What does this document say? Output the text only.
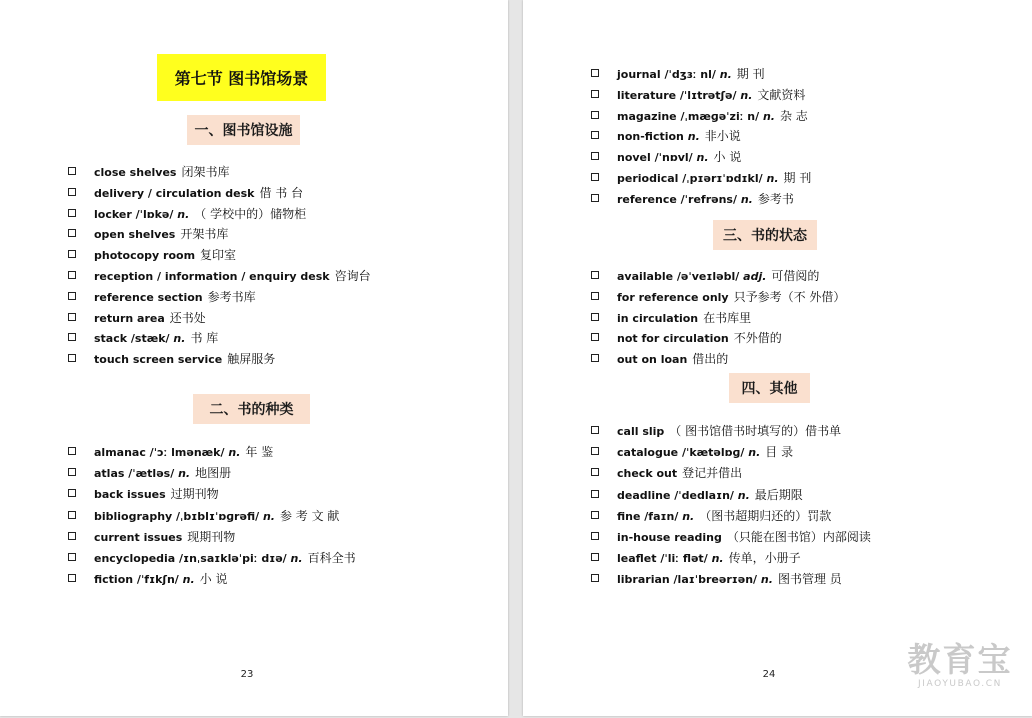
第七节 图书馆场景
一、图书馆设施
close shelves 闭架书库
delivery / circulation desk 借 书 台
locker /ˈlɒkə/ n. （ 学校中的）储物柜
open shelves 开架书库
photocopy room 复印室
reception / information / enquiry desk 咨询台
reference section 参考书库
return area 还书处
stack /stæk/ n. 书 库
touch screen service 触屏服务
二、书的种类
almanac /ˈɔː lmənæk/ n. 年 鉴
atlas /ˈætləs/ n. 地图册
back issues 过期刊物
bibliography /ˌbɪblɪˈɒɡrəfi/ n. 参 考 文 献
current issues 现期刊物
encyclopedia /ɪnˌsaɪkləˈpiː dɪə/ n. 百科全书
fiction /ˈfɪkʃn/ n. 小 说
23
journal /ˈdʒɜː nl/ n. 期 刊
literature /ˈlɪtrətʃə/ n. 文献资料
magazine /ˌmæɡəˈziː n/ n. 杂 志
non-fiction n. 非小说
novel /ˈnɒvl/ n. 小 说
periodical /ˌpɪərɪˈɒdɪkl/ n. 期 刊
reference /ˈrefrəns/ n. 参考书
三、书的状态
available /əˈveɪləbl/ adj. 可借阅的
for reference only 只予参考（不 外借）
in circulation 在书库里
not for circulation 不外借的
out on loan 借出的
四、其他
call slip （ 图书馆借书时填写的）借书单
catalogue /ˈkætəlɒɡ/ n. 目 录
check out 登记并借出
deadline /ˈdedlaɪn/ n. 最后期限
fine /faɪn/ n. （图书超期归还的）罚款
in-house reading （只能在图书馆）内部阅读
leaflet /ˈliː flət/ n. 传单，小册子
librarian /laɪˈbreərɪən/ n. 图书管理 员
24	教育宝
JIAOYUBAO.CN
